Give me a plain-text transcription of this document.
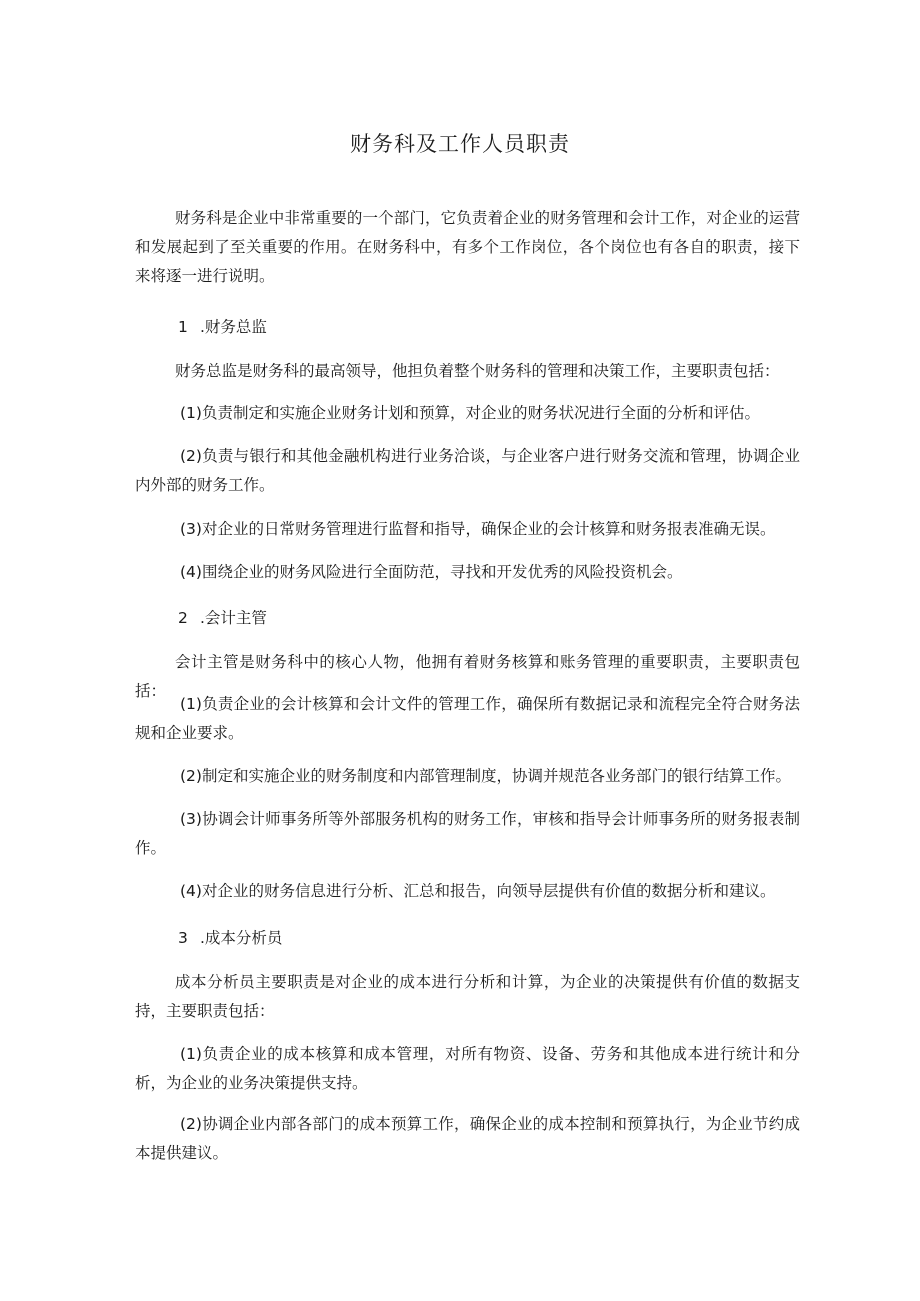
财务科及工作人员职责
财务科是企业中非常重要的一个部门，它负责着企业的财务管理和会计工作，对企业的运营和发展起到了至关重要的作用。在财务科中，有多个工作岗位，各个岗位也有各自的职责，接下来将逐一进行说明。
1 .财务总监
财务总监是财务科的最高领导，他担负着整个财务科的管理和决策工作，主要职责包括：
(1)负责制定和实施企业财务计划和预算，对企业的财务状况进行全面的分析和评估。
(2)负责与银行和其他金融机构进行业务洽谈，与企业客户进行财务交流和管理，协调企业内外部的财务工作。
(3)对企业的日常财务管理进行监督和指导，确保企业的会计核算和财务报表准确无误。
(4)围绕企业的财务风险进行全面防范，寻找和开发优秀的风险投资机会。
2 .会计主管
会计主管是财务科中的核心人物，他拥有着财务核算和账务管理的重要职责，主要职责包括：
(1)负责企业的会计核算和会计文件的管理工作，确保所有数据记录和流程完全符合财务法规和企业要求。
(2)制定和实施企业的财务制度和内部管理制度，协调并规范各业务部门的银行结算工作。
(3)协调会计师事务所等外部服务机构的财务工作，审核和指导会计师事务所的财务报表制作。
(4)对企业的财务信息进行分析、汇总和报告，向领导层提供有价值的数据分析和建议。
3 .成本分析员
成本分析员主要职责是对企业的成本进行分析和计算，为企业的决策提供有价值的数据支持，主要职责包括：
(1)负责企业的成本核算和成本管理，对所有物资、设备、劳务和其他成本进行统计和分析，为企业的业务决策提供支持。
(2)协调企业内部各部门的成本预算工作，确保企业的成本控制和预算执行，为企业节约成本提供建议。
